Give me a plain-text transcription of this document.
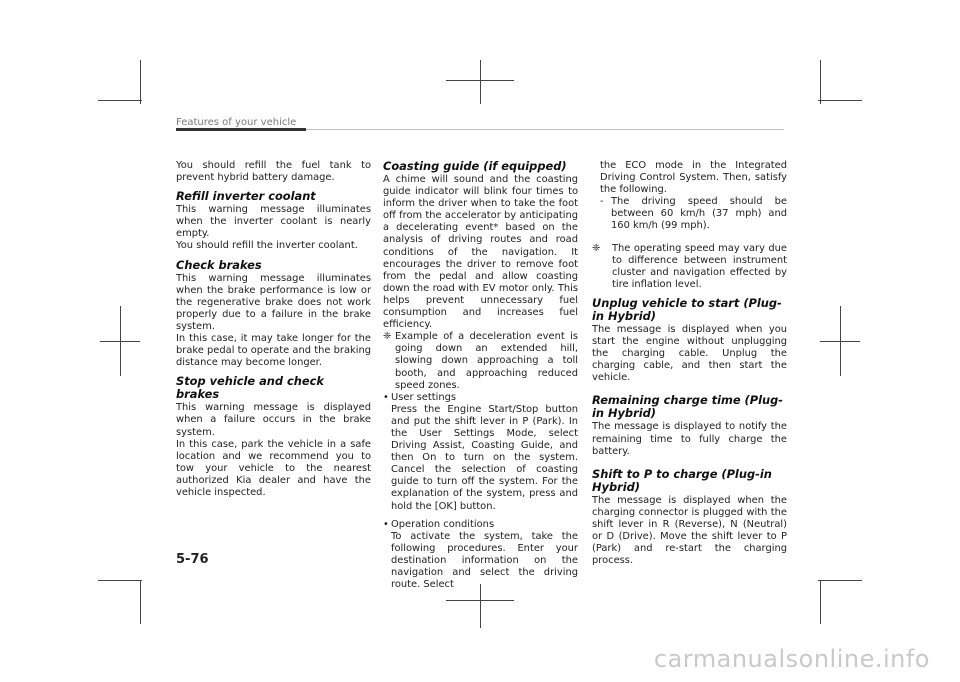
Features of your vehicle

You should refill the fuel tank to prevent hybrid battery damage.

Refill inverter coolant

This warning message illuminates when the inverter coolant is nearly empty.

You should refill the inverter coolant.

Check brakes

This warning message illuminates when the brake performance is low or the regenerative brake does not work properly due to a failure in the brake system.

In this case, it may take longer for the brake pedal to operate and the braking distance may become longer.

Stop vehicle and check brakes

This warning message is displayed when a failure occurs in the brake system.

In this case, park the vehicle in a safe location and we recommend you to tow your vehicle to the nearest authorized Kia dealer and have the vehicle inspected.

Coasting guide (if equipped)

A chime will sound and the coasting guide indicator will blink four times to inform the driver when to take the foot off from the accelerator by anticipating a decelerating event* based on the analysis of driving routes and road conditions of the navigation. It encourages the driver to remove foot from the pedal and allow coasting down the road with EV motor only. This helps prevent unnecessary fuel consumption and increases fuel efficiency.

❈ Example of a deceleration event is going down an extended hill, slowing down approaching a toll booth, and approaching reduced speed zones.
• User settings

Press the Engine Start/Stop button and put the shift lever in P (Park). In the User Settings Mode, select Driving Assist, Coasting Guide, and then On to turn on the system. Cancel the selection of coasting guide to turn off the system. For the explanation of the system, press and hold the [OK] button.

• Operation conditions

To activate the system, take the following procedures. Enter your destination information on the navigation and select the driving route. Select

the ECO mode in the Integrated Driving Control System. Then, satisfy the following.

- The driving speed should be between 60 km/h (37 mph) and 160 km/h (99 mph).
❈	The operating speed may vary due to difference between instrument cluster and navigation effected by tire inflation level.
Unplug vehicle to start (Plug-in Hybrid)

The message is displayed when you start the engine without unplugging the charging cable. Unplug the charging cable, and then start the vehicle.

Remaining charge time (Plug-in Hybrid)

The message is displayed to notify the remaining time to fully charge the battery.

Shift to P to charge (Plug-in Hybrid)

The message is displayed when the charging connector is plugged with the shift lever in R (Reverse), N (Neutral) or D (Drive). Move the shift lever to P (Park) and re-start the charging process.

5-76
carmanualsonline.info
